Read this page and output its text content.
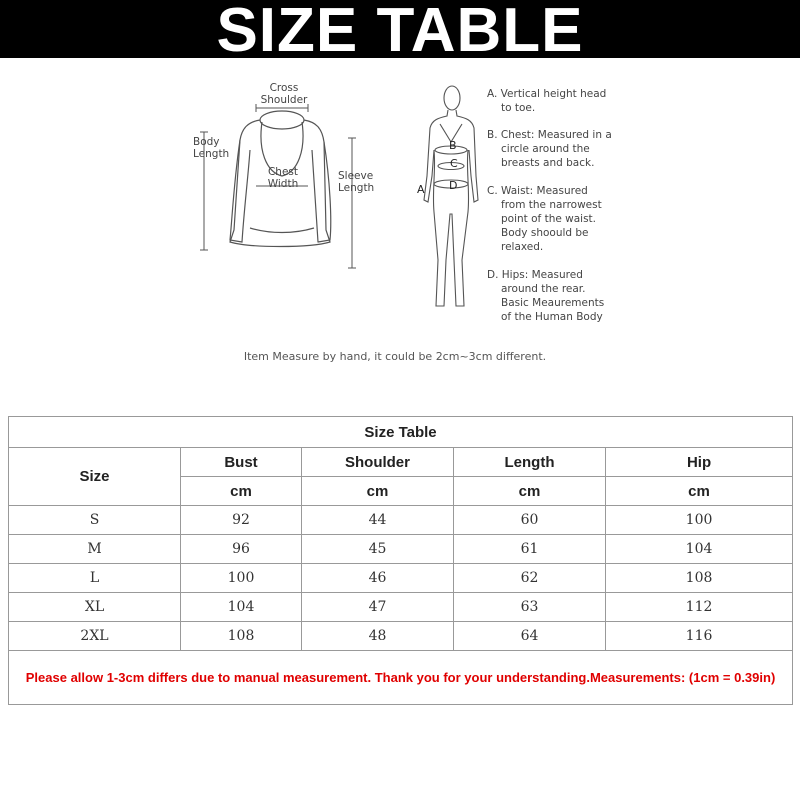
SIZE TABLE
Cross
Shoulder
Body
Length
Chest
Width
Sleeve
Length	A
B
C
D
A. Vertical height head
to toe.
B. Chest: Measured in a
circle around the
breasts and back.
C. Waist: Measured
from the narrowest
point of the waist.
Body shoould be
relaxed.
D. Hips: Measured
around the rear.
Basic Meaurements
of the Human Body
Item Measure by hand, it could be 2cm~3cm different.
Size Table				
Size	Bust	Shoulder	Length	Hip
	cm	cm	cm	cm
S	92	44	60	100
M	96	45	61	104
L	100	46	62	108
XL	104	47	63	112
2XL	108	48	64	116
Please allow 1-3cm differs due to manual measurement. Thank you for your understanding.Measurements: (1cm = 0.39in)				
